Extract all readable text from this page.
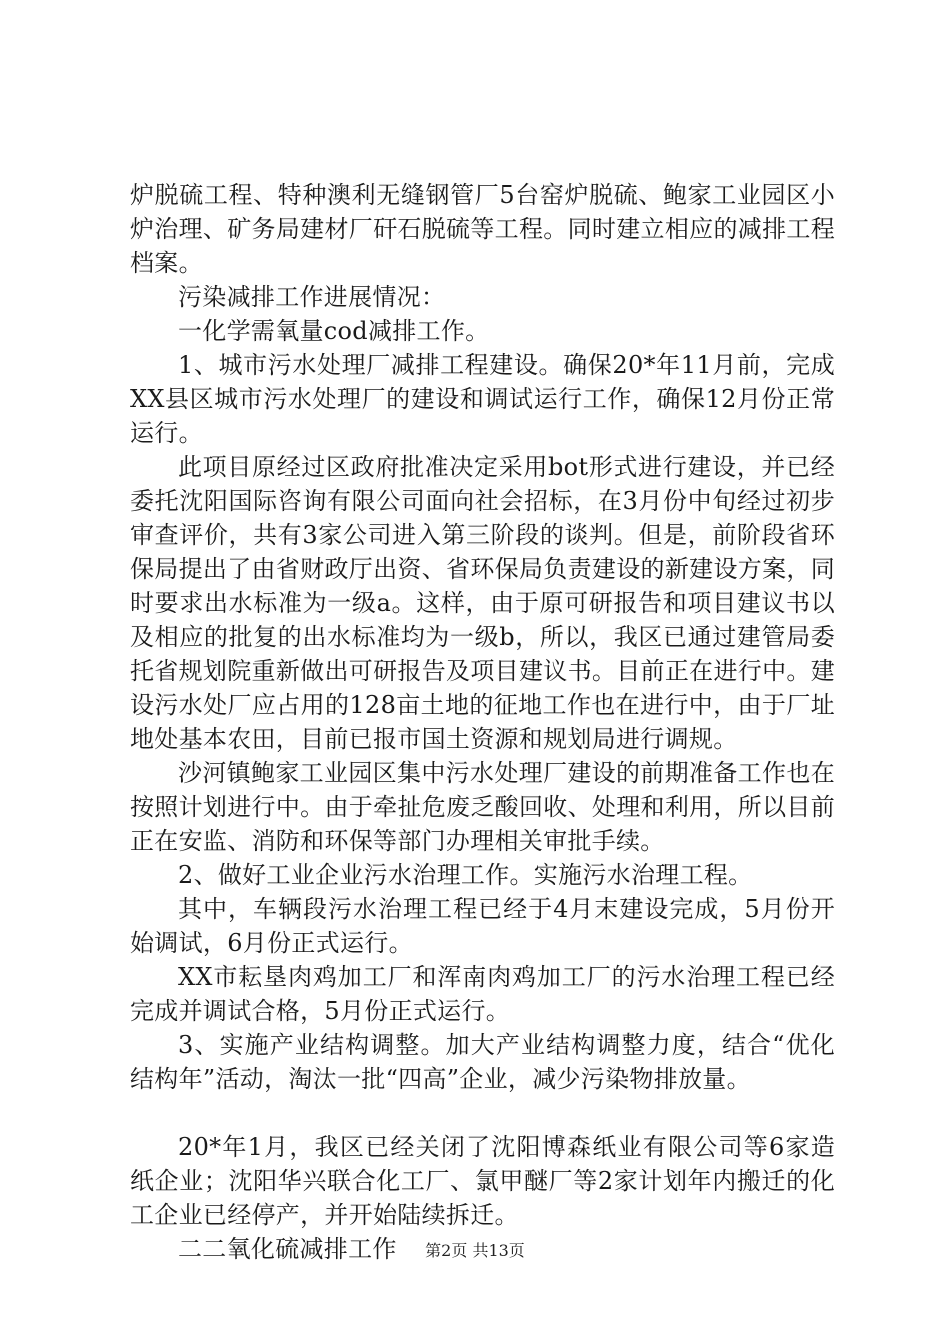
炉脱硫工程、特种澳利无缝钢管厂5台窑炉脱硫、鲍家工业园区小炉治理、矿务局建材厂矸石脱硫等工程。同时建立相应的减排工程档案。

污染减排工作进展情况：

一化学需氧量cod减排工作。

1、城市污水处理厂减排工程建设。确保20*年11月前，完成XX县区城市污水处理厂的建设和调试运行工作，确保12月份正常运行。

此项目原经过区政府批准决定采用bot形式进行建设，并已经委托沈阳国际咨询有限公司面向社会招标，在3月份中旬经过初步审查评价，共有3家公司进入第三阶段的谈判。但是，前阶段省环保局提出了由省财政厅出资、省环保局负责建设的新建设方案，同时要求出水标准为一级a。这样，由于原可研报告和项目建议书以及相应的批复的出水标准均为一级b，所以，我区已通过建管局委托省规划院重新做出可研报告及项目建议书。目前正在进行中。建设污水处厂应占用的128亩土地的征地工作也在进行中，由于厂址地处基本农田，目前已报市国土资源和规划局进行调规。

沙河镇鲍家工业园区集中污水处理厂建设的前期准备工作也在按照计划进行中。由于牵扯危废乏酸回收、处理和利用，所以目前正在安监、消防和环保等部门办理相关审批手续。

2、做好工业企业污水治理工作。实施污水治理工程。

其中，车辆段污水治理工程已经于4月末建设完成，5月份开始调试，6月份正式运行。

XX市耘垦肉鸡加工厂和浑南肉鸡加工厂的污水治理工程已经完成并调试合格，5月份正式运行。

3、实施产业结构调整。加大产业结构调整力度，结合“优化结构年”活动，淘汰一批“四高”企业，减少污染物排放量。

20*年1月，我区已经关闭了沈阳博森纸业有限公司等6家造纸企业；沈阳华兴联合化工厂、氯甲醚厂等2家计划年内搬迁的化工企业已经停产，并开始陆续拆迁。

二二氧化硫减排工作	第2页 共13页
